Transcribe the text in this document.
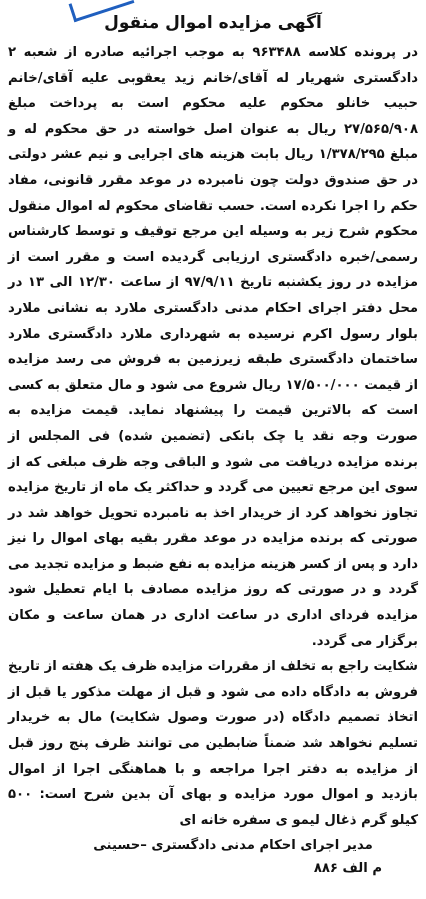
آگهی مزایده اموال منقول

در پرونده کلاسه ۹۶۳۴۸۸ به موجب اجرائیه صادره از شعبه ۲ دادگستری شهریار له آقای/خانم زید یعقوبی علیه آقای/خانم حبیب خانلو محکوم علیه محکوم است به پرداخت مبلغ ۲۷/۵۶۵/۹۰۸ ریال به عنوان اصل خواسته در حق محکوم له و مبلغ ۱/۳۷۸/۲۹۵ ریال بابت هزینه های اجرایی و نیم عشر دولتی در حق صندوق دولت چون نامبرده در موعد مقرر قانونی، مفاد حکم را اجرا نکرده است. حسب تقاضای محکوم له اموال منقول محکوم شرح زیر به وسیله این مرجع توقیف و توسط کارشناس رسمی/خبره دادگستری ارزیابی گردیده است و مقرر است از مزایده در روز یکشنبه تاریخ ۹۷/۹/۱۱ از ساعت ۱۲/۳۰ الی ۱۳ در محل دفتر اجرای احکام مدنی دادگستری ملارد به نشانی ملارد بلوار رسول اکرم نرسیده به شهرداری ملارد دادگستری ملارد ساختمان دادگستری طبقه زیرزمین به فروش می رسد مزایده از قیمت ۱۷/۵۰۰/۰۰۰ ریال شروع می شود و مال متعلق به کسی است که بالاترین قیمت را پیشنهاد نماید. قیمت مزایده به صورت وجه نقد یا چک بانکی (تضمین شده) فی المجلس از برنده مزایده دریافت می شود و الباقی وجه ظرف مبلغی که از سوی این مرجع تعیین می گردد و حداکثر یک ماه از تاریخ مزایده تجاوز نخواهد کرد از خریدار اخذ به نامبرده تحویل خواهد شد در صورتی که برنده مزایده در موعد مقرر بقیه بهای اموال را نیز دارد و پس از کسر هزینه مزایده به نفع ضبط و مزایده تجدید می گردد و در صورتی که روز مزایده مصادف با ایام تعطیل شود مزایده فردای اداری در ساعت اداری در همان ساعت و مکان برگزار می گردد.

شکایت راجع به تخلف از مقررات مزایده ظرف یک هفته از تاریخ فروش به دادگاه داده می شود و قبل از مهلت مذکور یا قبل از اتخاذ تصمیم دادگاه (در صورت وصول شکایت) مال به خریدار تسلیم نخواهد شد ضمناً ضابطین می توانند ظرف پنج روز قبل از مزایده به دفتر اجرا مراجعه و با هماهنگی اجرا از اموال بازدید و اموال مورد مزایده و بهای آن بدین شرح است: ۵۰۰ کیلو گرم ذغال لیمو ی سفره خانه ای

مدیر اجرای احکام مدنی دادگستری –حسینی
م الف ۸۸۶
